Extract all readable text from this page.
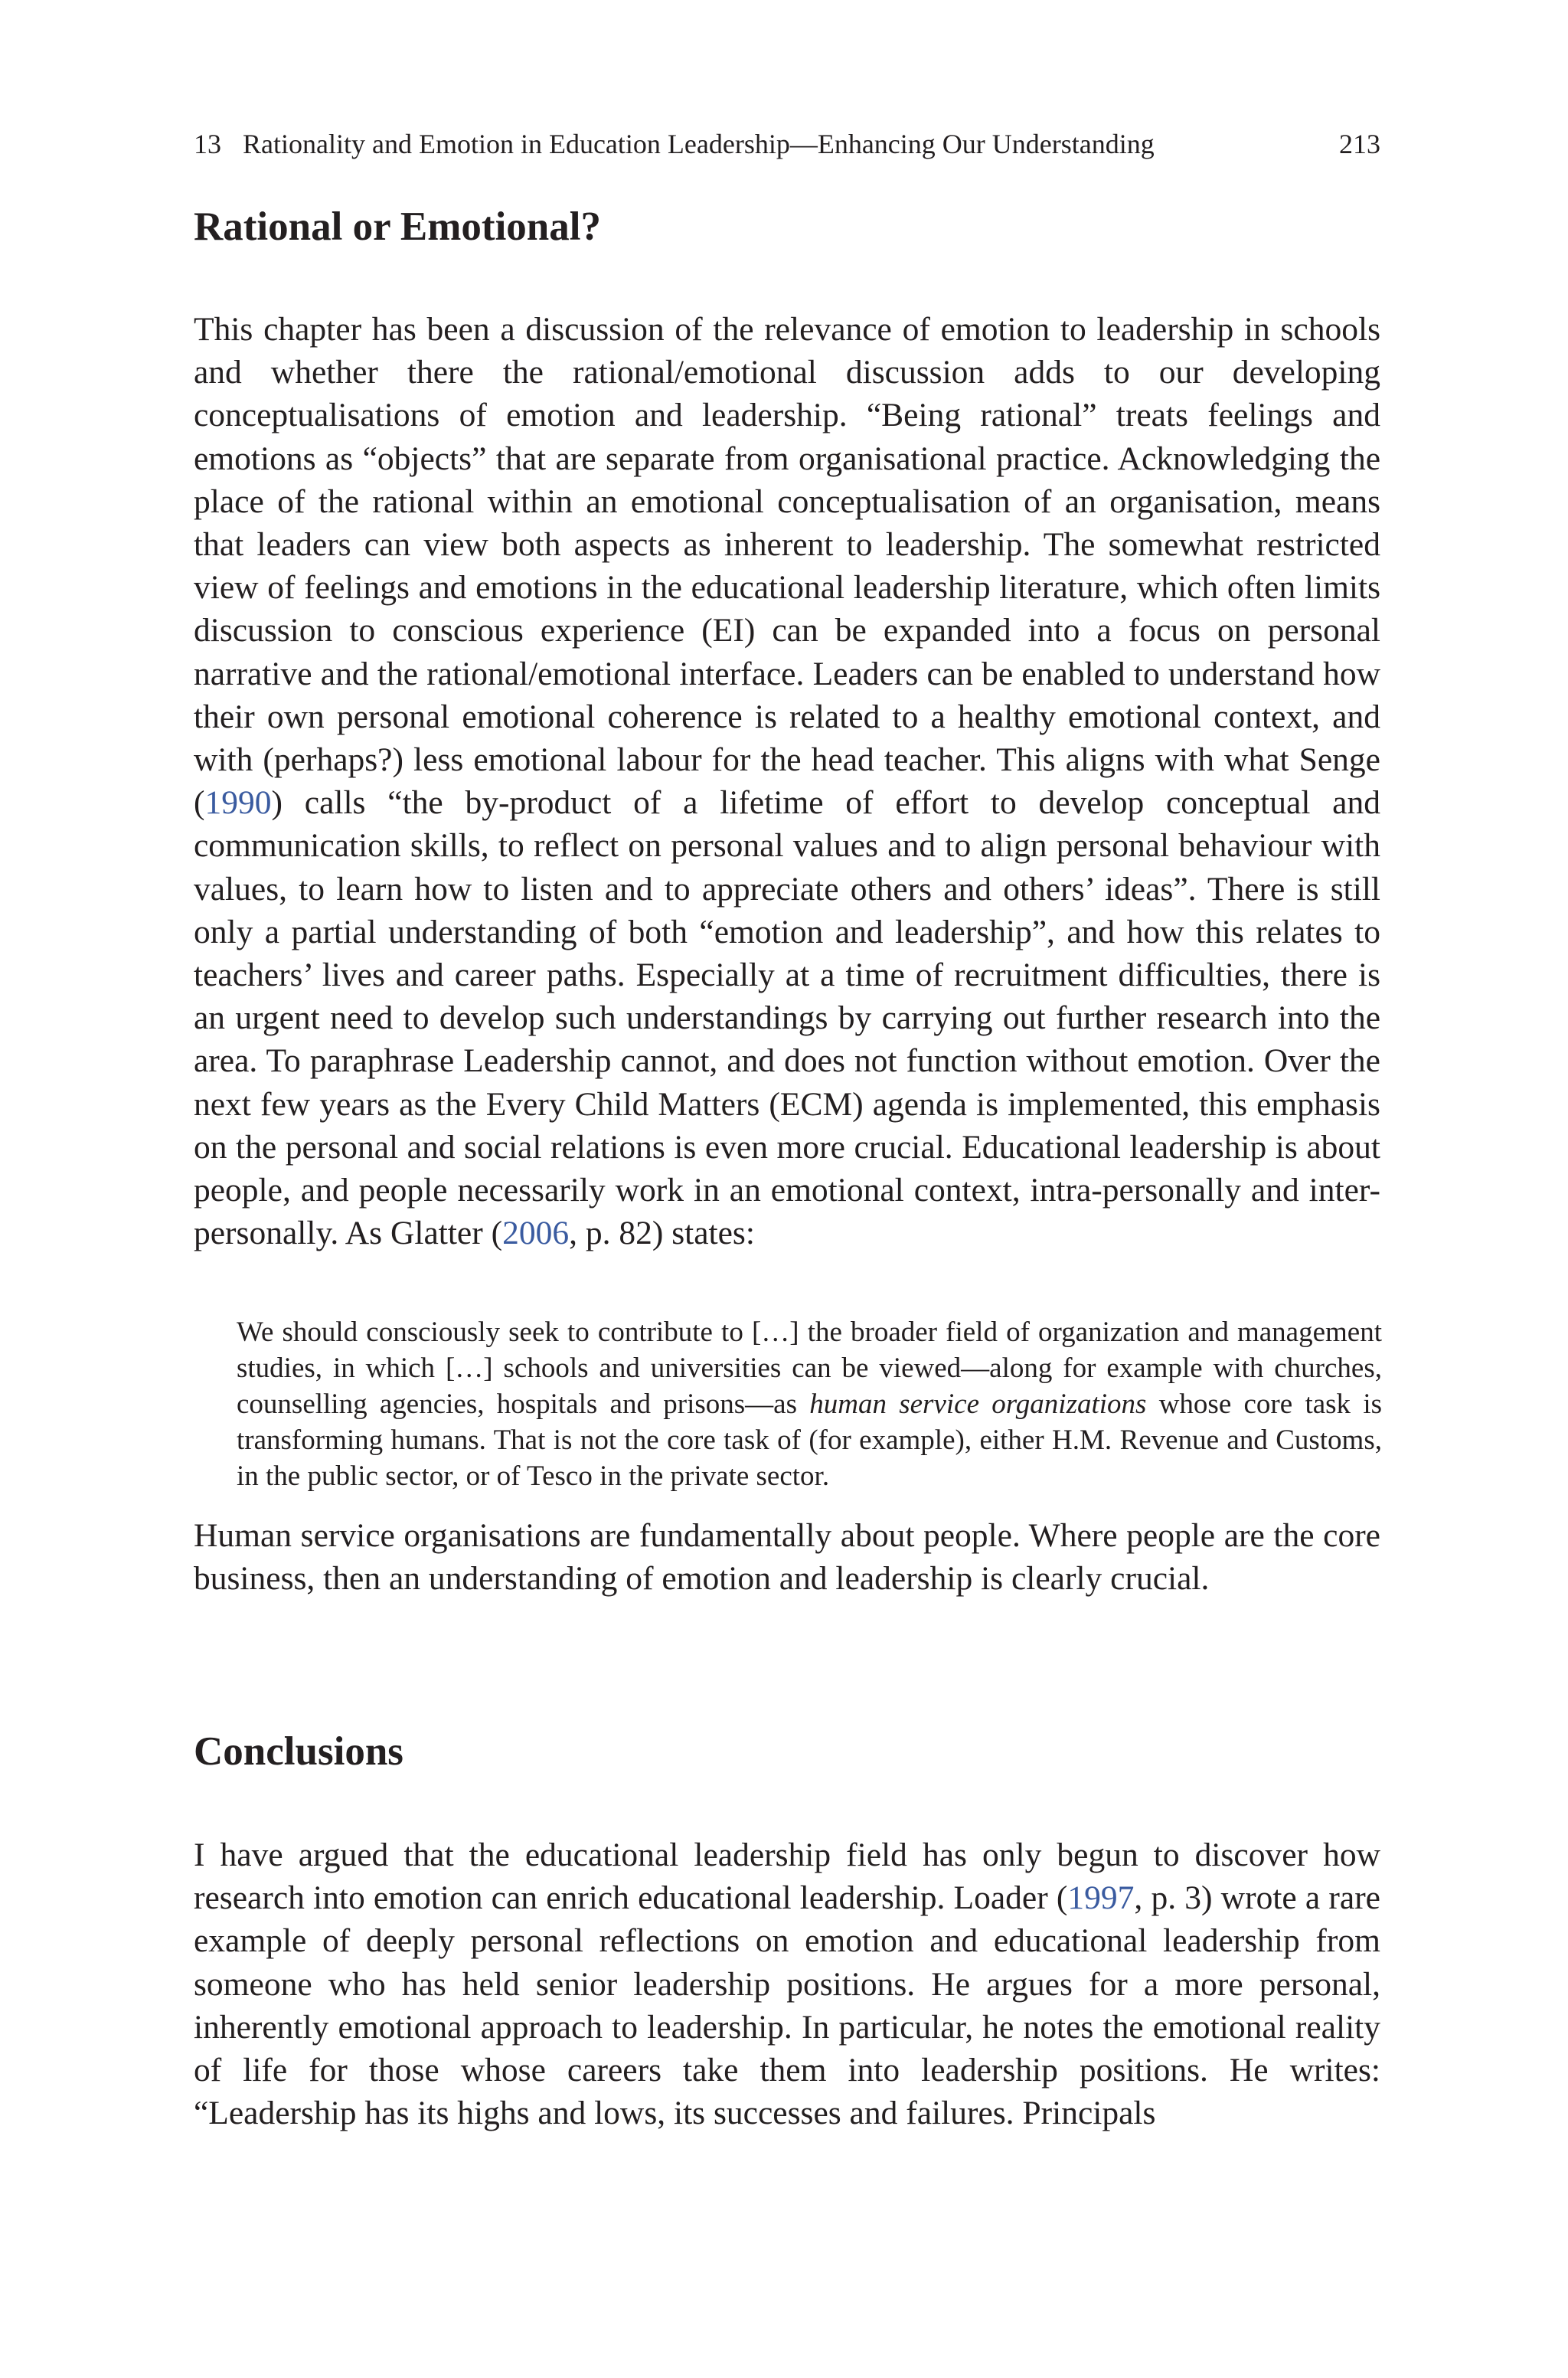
13 Rationality and Emotion in Education Leadership—Enhancing Our Understanding	213
Rational or Emotional?

This chapter has been a discussion of the relevance of emotion to leadership in schools and whether there the rational/emotional discussion adds to our developing conceptualisations of emotion and leadership. “Being rational” treats feelings and emotions as “objects” that are separate from organisational practice. Acknowledging the place of the rational within an emotional conceptualisation of an organisation, means that leaders can view both aspects as inherent to leadership. The somewhat restricted view of feelings and emotions in the educational leadership literature, which often limits discussion to conscious experience (EI) can be expanded into a focus on personal narrative and the rational/emotional interface. Leaders can be enabled to understand how their own personal emotional coherence is related to a healthy emotional context, and with (perhaps?) less emotional labour for the head teacher. This aligns with what Senge (1990) calls “the by-product of a lifetime of effort to develop conceptual and communication skills, to reflect on personal values and to align personal behaviour with values, to learn how to listen and to appreciate others and others’ ideas”. There is still only a partial understanding of both “emotion and leadership”, and how this relates to teachers’ lives and career paths. Especially at a time of recruitment difficulties, there is an urgent need to develop such understandings by carrying out further research into the area. To paraphrase Leadership cannot, and does not function without emotion. Over the next few years as the Every Child Matters (ECM) agenda is implemented, this emphasis on the personal and social relations is even more crucial. Educational leadership is about people, and people necessarily work in an emotional context, intra-personally and inter-personally. As Glatter (2006, p. 82) states:

We should consciously seek to contribute to […] the broader field of organization and management studies, in which […] schools and universities can be viewed—along for example with churches, counselling agencies, hospitals and prisons—as human service organizations whose core task is transforming humans. That is not the core task of (for example), either H.M. Revenue and Customs, in the public sector, or of Tesco in the private sector.

Human service organisations are fundamentally about people. Where people are the core business, then an understanding of emotion and leadership is clearly crucial.

Conclusions

I have argued that the educational leadership field has only begun to discover how research into emotion can enrich educational leadership. Loader (1997, p. 3) wrote a rare example of deeply personal reflections on emotion and educational leadership from someone who has held senior leadership positions. He argues for a more personal, inherently emotional approach to leadership. In particular, he notes the emotional reality of life for those whose careers take them into leadership positions. He writes: “Leadership has its highs and lows, its successes and failures. Principals
